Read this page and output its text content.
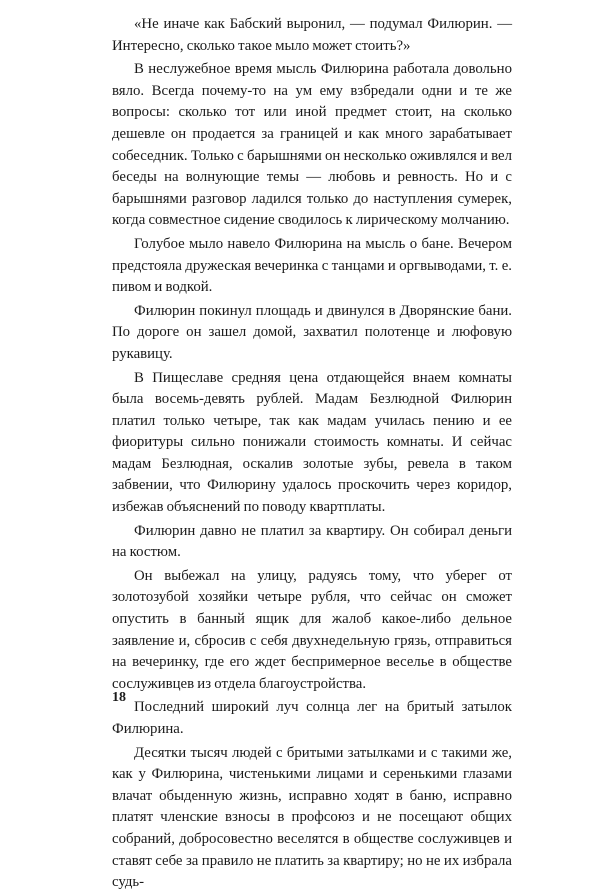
«Не иначе как Бабский выронил, — подумал Филюрин. — Интересно, сколько такое мыло может стоить?»

В неслужебное время мысль Филюрина работала довольно вяло. Всегда почему-то на ум ему взбредали одни и те же вопросы: сколько тот или иной предмет стоит, на сколько дешевле он продается за границей и как много зарабатывает собеседник. Только с барышнями он несколько оживлялся и вел беседы на волнующие темы — любовь и ревность. Но и с барышнями разговор ладился только до наступления сумерек, когда совместное сидение сводилось к лирическому молчанию.

Голубое мыло навело Филюрина на мысль о бане. Вечером предстояла дружеская вечеринка с танцами и оргвыводами, т. е. пивом и водкой.

Филюрин покинул площадь и двинулся в Дворянские бани. По дороге он зашел домой, захватил полотенце и люфовую рукавицу.

В Пищеславе средняя цена отдающейся внаем комнаты была восемь-девять рублей. Мадам Безлюдной Филюрин платил только четыре, так как мадам училась пению и ее фиоритуры сильно понижали стоимость комнаты. И сейчас мадам Безлюдная, оскалив золотые зубы, ревела в таком забвении, что Филюрину удалось проскочить через коридор, избежав объяснений по поводу квартплаты.

Филюрин давно не платил за квартиру. Он собирал деньги на костюм.

Он выбежал на улицу, радуясь тому, что уберег от золотозубой хозяйки четыре рубля, что сейчас он сможет опустить в банный ящик для жалоб какое-либо дельное заявление и, сбросив с себя двухнедельную грязь, отправиться на вечеринку, где его ждет беспримерное веселье в обществе сослуживцев из отдела благоустройства.

Последний широкий луч солнца лег на бритый затылок Филюрина.

Десятки тысяч людей с бритыми затылками и с такими же, как у Филюрина, чистенькими лицами и серенькими глазами влачат обыденную жизнь, исправно ходят в баню, исправно платят членские взносы в профсоюз и не посещают общих собраний, добросовестно веселятся в обществе сослуживцев и ставят себе за правило не платить за квартиру; но не их избрала судь-

18
